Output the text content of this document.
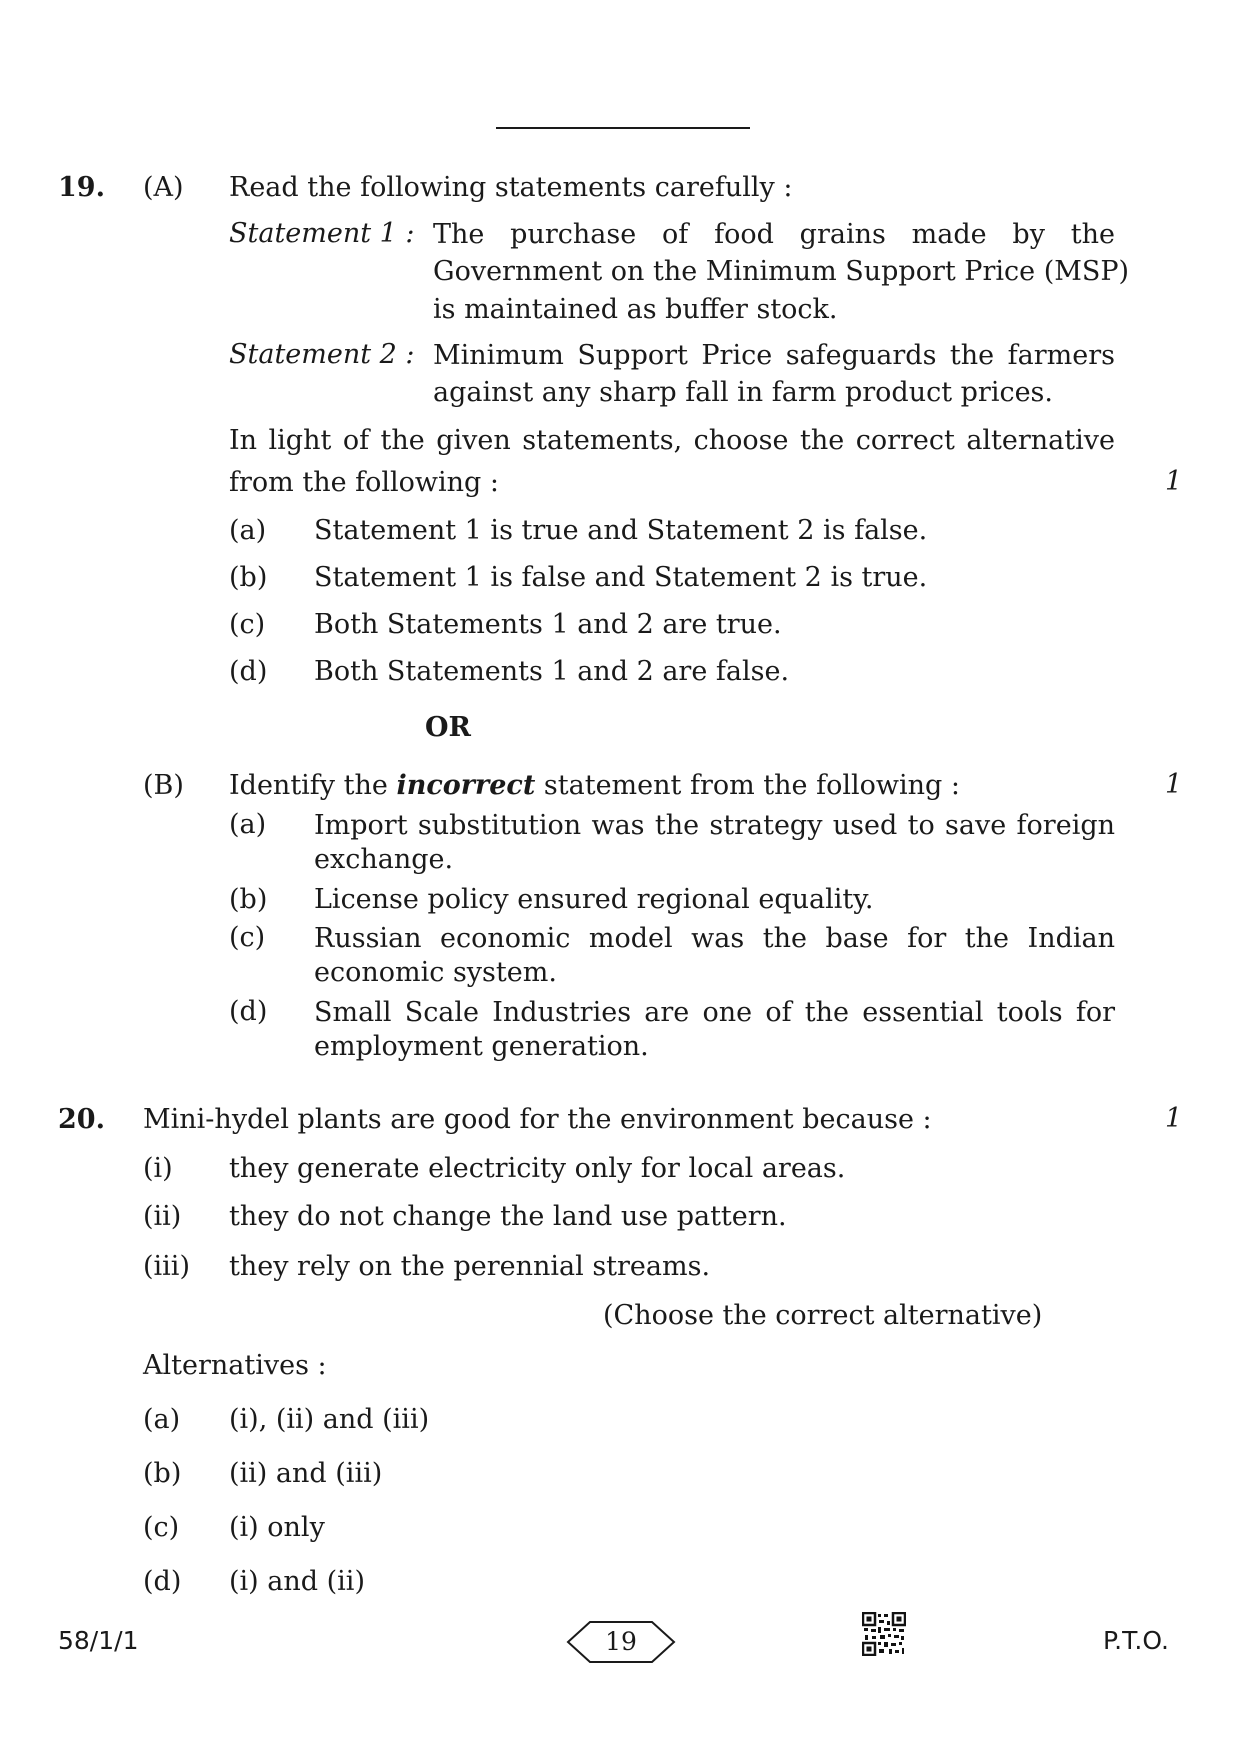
19. (A) Read the following statements carefully :
Statement 1 : The purchase of food grains made by the
Government on the Minimum Support Price (MSP)
is maintained as buffer stock.
Statement 2 : Minimum Support Price safeguards the farmers
against any sharp fall in farm product prices.
In light of the given statements, choose the correct alternative
from the following :	1
(a) Statement 1 is true and Statement 2 is false.
(b) Statement 1 is false and Statement 2 is true.
(c) Both Statements 1 and 2 are true.
(d) Both Statements 1 and 2 are false.
OR
(B) Identify the incorrect statement from the following :	1
(a) Import substitution was the strategy used to save foreign
exchange.
(b) License policy ensured regional equality.
(c) Russian economic model was the base for the Indian
economic system.
(d) Small Scale Industries are one of the essential tools for
employment generation.
20. Mini-hydel plants are good for the environment because :	1
(i) they generate electricity only for local areas.
(ii) they do not change the land use pattern.
(iii) they rely on the perennial streams.
(Choose the correct alternative)
Alternatives :
(a) (i), (ii) and (iii)
(b) (ii) and (iii)
(c) (i) only
(d) (i) and (ii)
58/1/1	19	P.T.O.
